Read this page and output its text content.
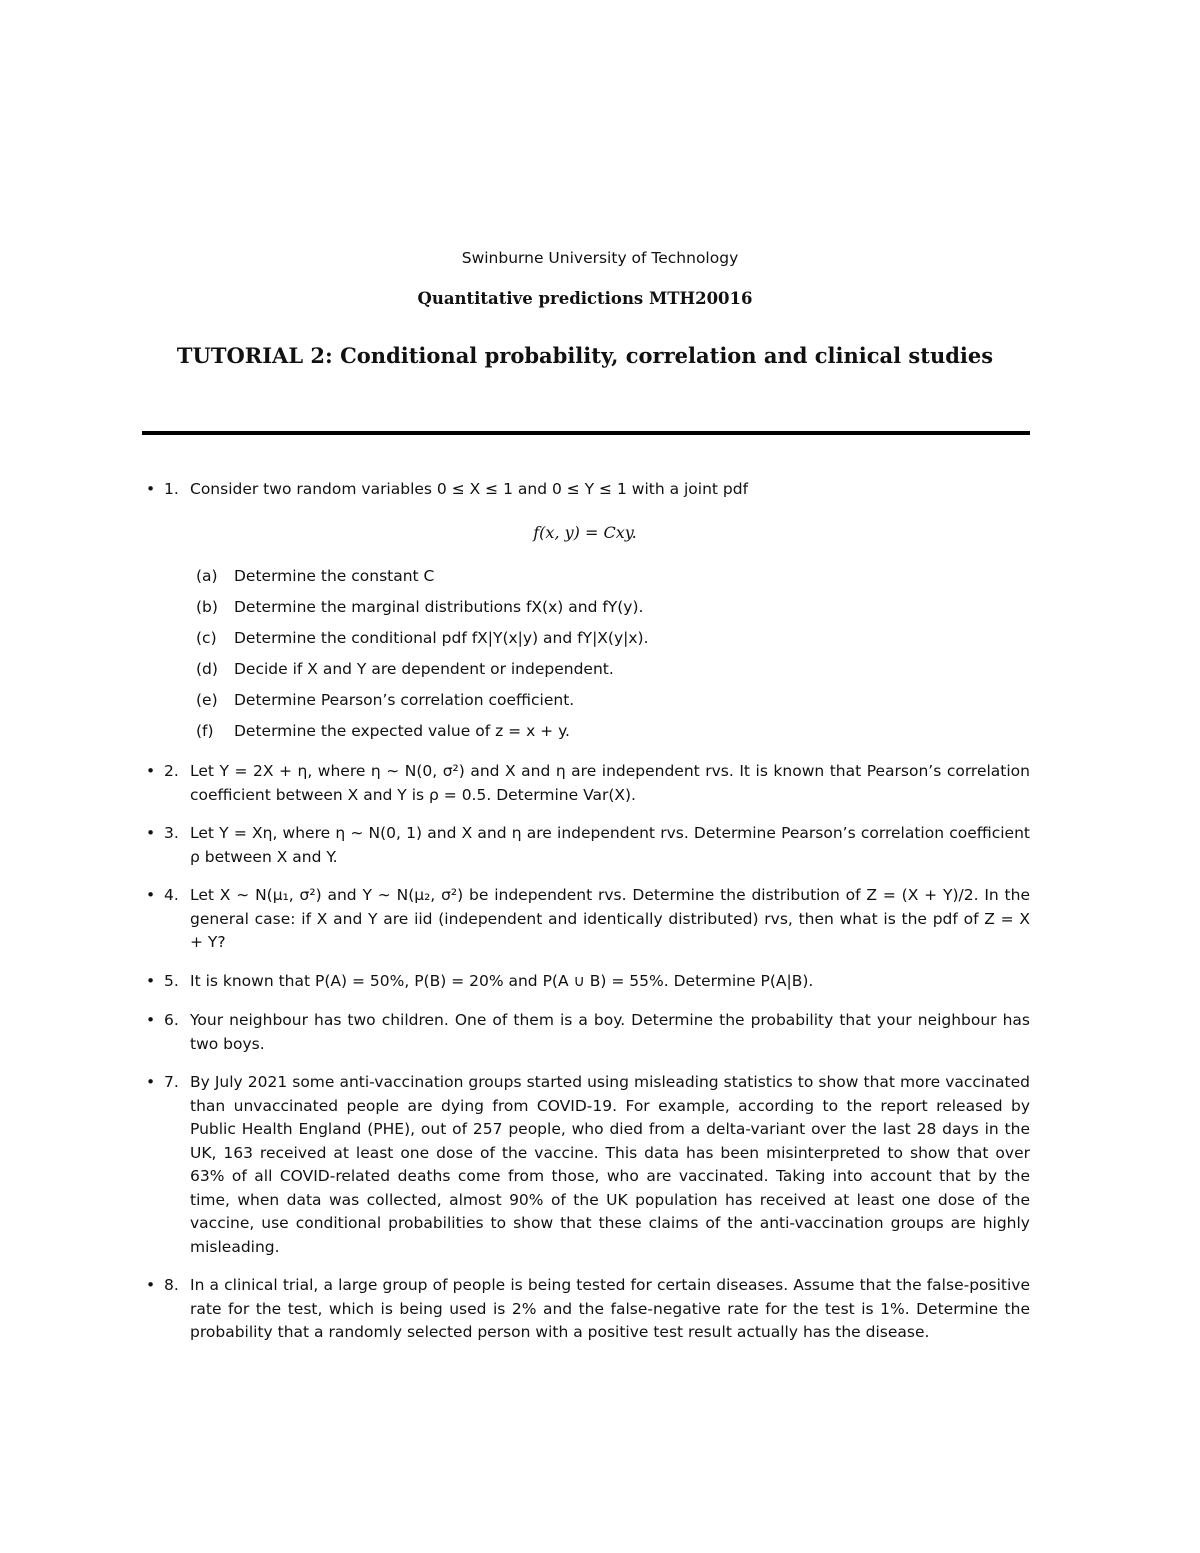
Swinburne University of Technology
Quantitative predictions MTH20016
TUTORIAL 2: Conditional probability, correlation and clinical studies
• 1. Consider two random variables 0 ≤ X ≤ 1 and 0 ≤ Y ≤ 1 with a joint pdf
f(x, y) = Cxy.
(a) Determine the constant C
(b) Determine the marginal distributions fX(x) and fY(y).
(c) Determine the conditional pdf fX|Y(x|y) and fY|X(y|x).
(d) Decide if X and Y are dependent or independent.
(e) Determine Pearson’s correlation coefficient.
(f) Determine the expected value of z = x + y.
• 2. Let Y = 2X + η, where η ∼ N(0, σ²) and X and η are independent rvs. It is known that Pearson’s correlation coefficient between X and Y is ρ = 0.5. Determine Var(X).
• 3. Let Y = Xη, where η ∼ N(0, 1) and X and η are independent rvs. Determine Pearson’s correlation coefficient ρ between X and Y.
• 4. Let X ∼ N(μ₁, σ²) and Y ∼ N(μ₂, σ²) be independent rvs. Determine the distribution of Z = (X + Y)/2. In the general case: if X and Y are iid (independent and identically distributed) rvs, then what is the pdf of Z = X + Y?
• 5. It is known that P(A) = 50%, P(B) = 20% and P(A ∪ B) = 55%. Determine P(A|B).
• 6. Your neighbour has two children. One of them is a boy. Determine the probability that your neighbour has two boys.
• 7. By July 2021 some anti-vaccination groups started using misleading statistics to show that more vaccinated than unvaccinated people are dying from COVID-19. For example, according to the report released by Public Health England (PHE), out of 257 people, who died from a delta-variant over the last 28 days in the UK, 163 received at least one dose of the vaccine. This data has been misinterpreted to show that over 63% of all COVID-related deaths come from those, who are vaccinated. Taking into account that by the time, when data was collected, almost 90% of the UK population has received at least one dose of the vaccine, use conditional probabilities to show that these claims of the anti-vaccination groups are highly misleading.
• 8. In a clinical trial, a large group of people is being tested for certain diseases. Assume that the false-positive rate for the test, which is being used is 2% and the false-negative rate for the test is 1%. Determine the probability that a randomly selected person with a positive test result actually has the disease.
